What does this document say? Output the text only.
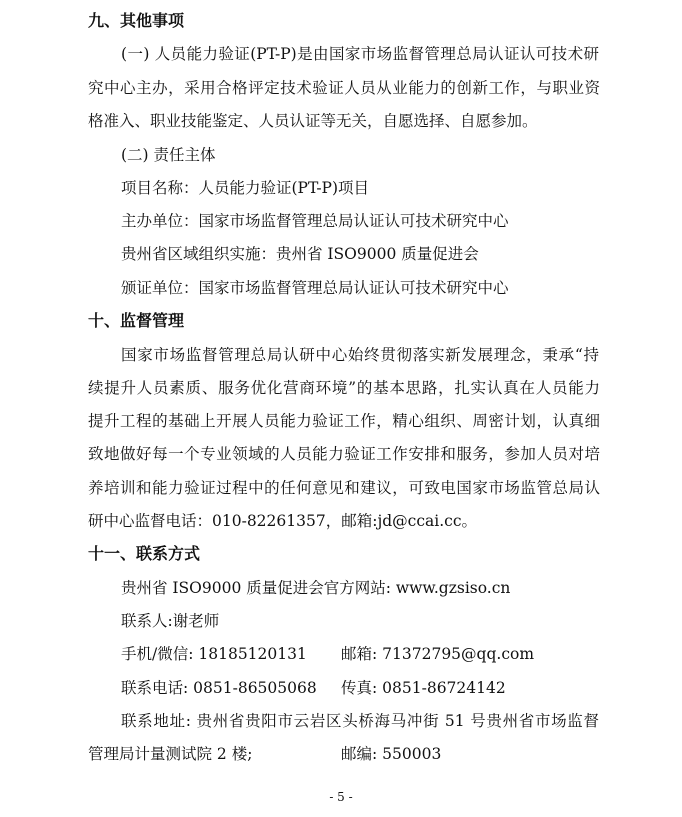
九、其他事项
(一) 人员能力验证(PT-P)是由国家市场监督管理总局认证认可技术研
究中心主办，采用合格评定技术验证人员从业能力的创新工作，与职业资
格准入、职业技能鉴定、人员认证等无关，自愿选择、自愿参加。
(二) 责任主体
项目名称：人员能力验证(PT-P)项目
主办单位：国家市场监督管理总局认证认可技术研究中心
贵州省区域组织实施：贵州省 ISO9000 质量促进会
颁证单位：国家市场监督管理总局认证认可技术研究中心
十、监督管理
国家市场监督管理总局认研中心始终贯彻落实新发展理念，秉承“持
续提升人员素质、服务优化营商环境”的基本思路，扎实认真在人员能力
提升工程的基础上开展人员能力验证工作，精心组织、周密计划，认真细
致地做好每一个专业领域的人员能力验证工作安排和服务，参加人员对培
养培训和能力验证过程中的任何意见和建议，可致电国家市场监管总局认
研中心监督电话：010-82261357，邮箱:jd@ccai.cc。
十一、联系方式
贵州省 ISO9000 质量促进会官方网站: www.gzsiso.cn
联系人:谢老师
手机/微信: 18185120131 邮箱: 71372795@qq.com
联系电话: 0851-86505068 传真: 0851-86724142
联系地址: 贵州省贵阳市云岩区头桥海马冲街 51 号贵州省市场监督
管理局计量测试院 2 楼;	邮编: 550003
- 5 -
